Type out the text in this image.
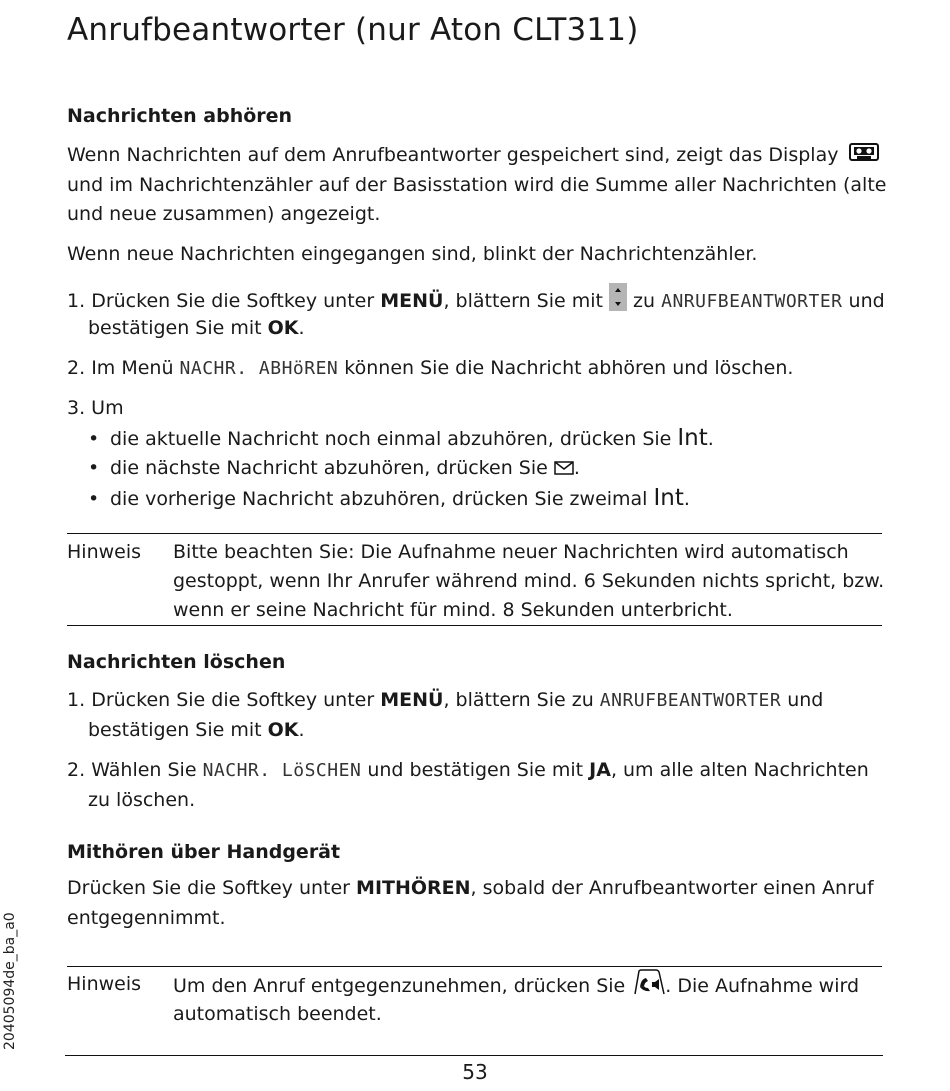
Anrufbeantworter (nur Aton CLT311)
Nachrichten abhören
Wenn Nachrichten auf dem Anrufbeantworter gespeichert sind, zeigt das Display
und im Nachrichtenzähler auf der Basisstation wird die Summe aller Nachrichten (alte
und neue zusammen) angezeigt.
Wenn neue Nachrichten eingegangen sind, blinkt der Nachrichtenzähler.
1. Drücken Sie die Softkey unter MENÜ, blättern Sie mit  zu ANRUFBEANTWORTER und
bestätigen Sie mit OK.
2. Im Menü NACHR. ABHöREN können Sie die Nachricht abhören und löschen.
3. Um
• die aktuelle Nachricht noch einmal abzuhören, drücken Sie Int.
• die nächste Nachricht abzuhören, drücken Sie .
• die vorherige Nachricht abzuhören, drücken Sie zweimal Int.
Hinweis Bitte beachten Sie: Die Aufnahme neuer Nachrichten wird automatisch
gestoppt, wenn Ihr Anrufer während mind. 6 Sekunden nichts spricht, bzw.
wenn er seine Nachricht für mind. 8 Sekunden unterbricht.
Nachrichten löschen
1. Drücken Sie die Softkey unter MENÜ, blättern Sie zu ANRUFBEANTWORTER und
bestätigen Sie mit OK.
2. Wählen Sie NACHR. LöSCHEN und bestätigen Sie mit JA, um alle alten Nachrichten
zu löschen.
Mithören über Handgerät
Drücken Sie die Softkey unter MITHÖREN, sobald der Anrufbeantworter einen Anruf
entgegennimmt.
Hinweis Um den Anruf entgegenzunehmen, drücken Sie . Die Aufnahme wird
automatisch beendet.
20405094de_ba_a0
53
